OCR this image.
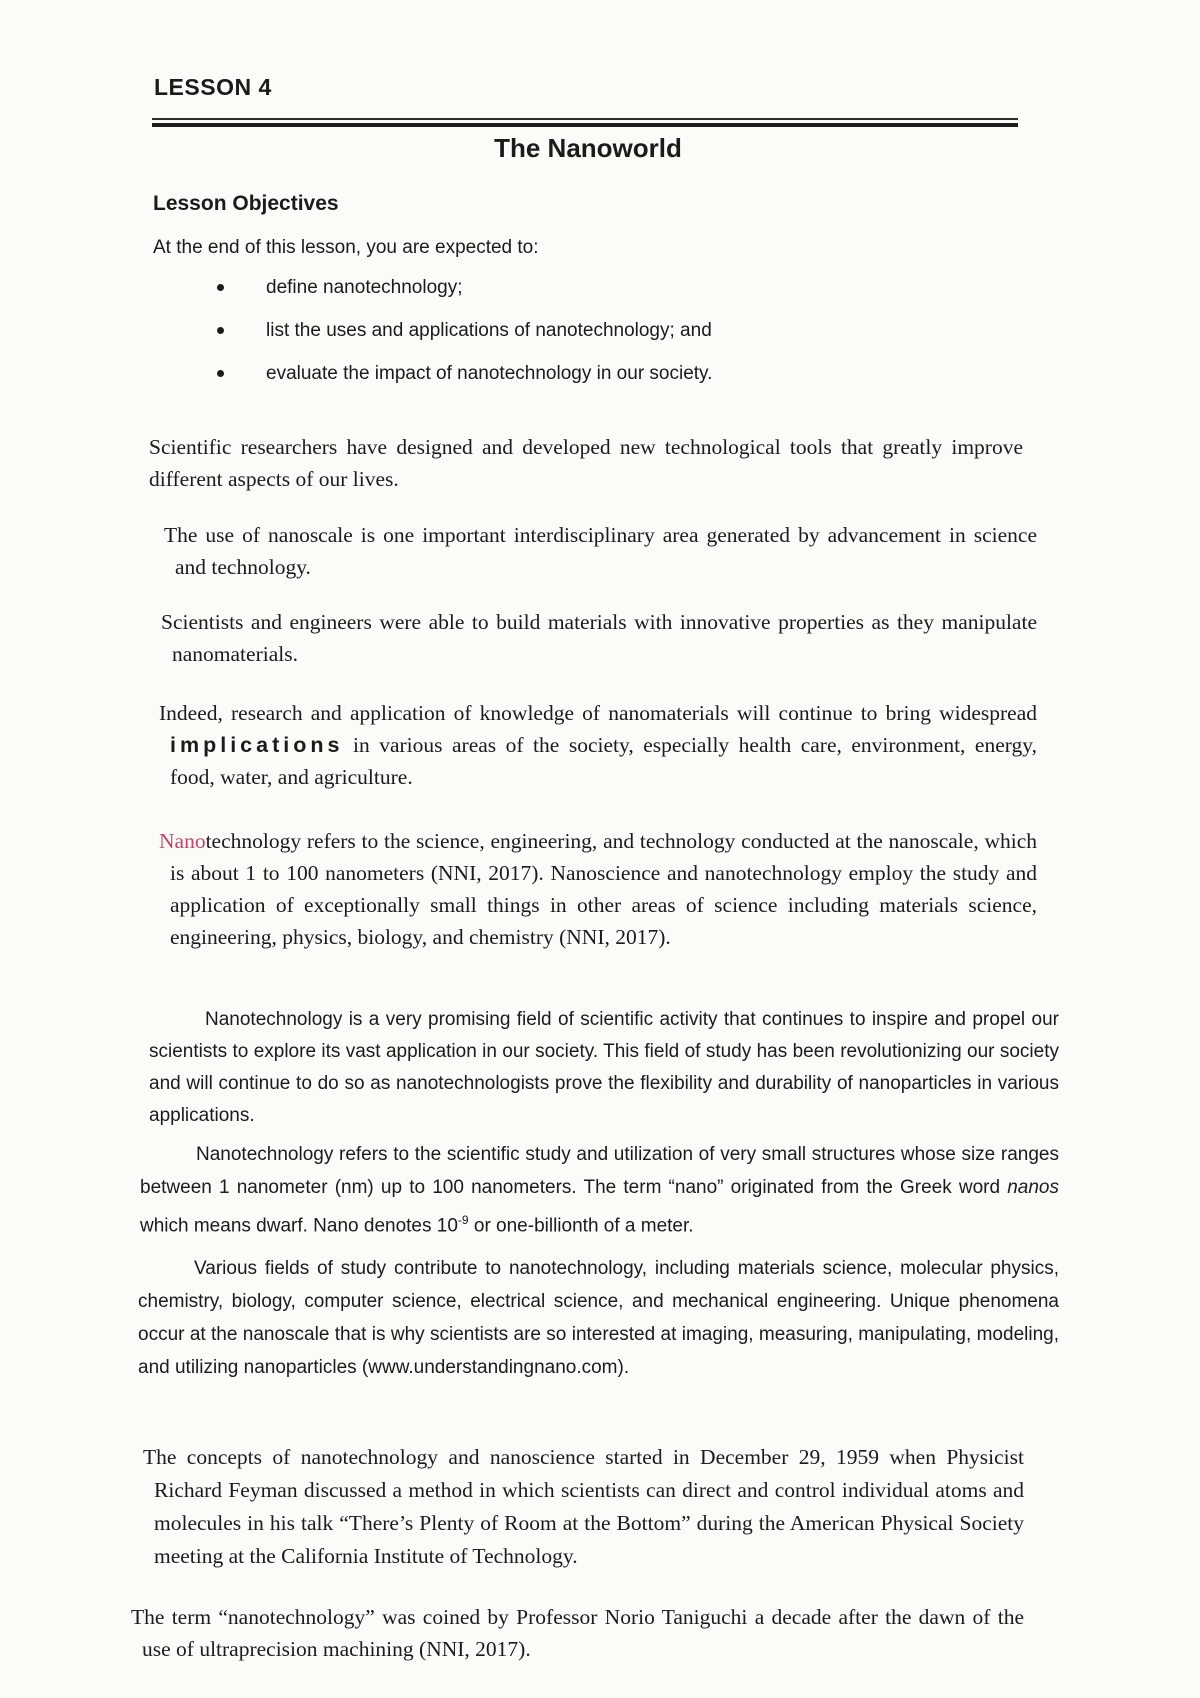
LESSON 4
The Nanoworld
Lesson Objectives
At the end of this lesson, you are expected to:
define nanotechnology;
list the uses and applications of nanotechnology; and
evaluate the impact of nanotechnology in our society.

Scientific researchers have designed and developed new technological tools that greatly improve different aspects of our lives.

The use of nanoscale is one important interdisciplinary area generated by advancement in science and technology.

Scientists and engineers were able to build materials with innovative properties as they manipulate nanomaterials.

Indeed, research and application of knowledge of nanomaterials will continue to bring widespread implications in various areas of the society, especially health care, environment, energy, food, water, and agriculture.

Nanotechnology refers to the science, engineering, and technology conducted at the nanoscale, which is about 1 to 100 nanometers (NNI, 2017). Nanoscience and nanotechnology employ the study and application of exceptionally small things in other areas of science including materials science, engineering, physics, biology, and chemistry (NNI, 2017).

Nanotechnology is a very promising field of scientific activity that continues to inspire and propel our scientists to explore its vast application in our society. This field of study has been revolutionizing our society and will continue to do so as nanotechnologists prove the flexibility and durability of nanoparticles in various applications.

Nanotechnology refers to the scientific study and utilization of very small structures whose size ranges between 1 nanometer (nm) up to 100 nanometers. The term “nano” originated from the Greek word nanos which means dwarf. Nano denotes $10^{-9}$ or one-billionth of a meter.

Various fields of study contribute to nanotechnology, including materials science, molecular physics, chemistry, biology, computer science, electrical science, and mechanical engineering. Unique phenomena occur at the nanoscale that is why scientists are so interested at imaging, measuring, manipulating, modeling, and utilizing nanoparticles (www.understandingnano.com).

The concepts of nanotechnology and nanoscience started in December 29, 1959 when Physicist Richard Feyman discussed a method in which scientists can direct and control individual atoms and molecules in his talk “There’s Plenty of Room at the Bottom” during the American Physical Society meeting at the California Institute of Technology.

The term “nanotechnology” was coined by Professor Norio Taniguchi a decade after the dawn of the use of ultraprecision machining (NNI, 2017).
